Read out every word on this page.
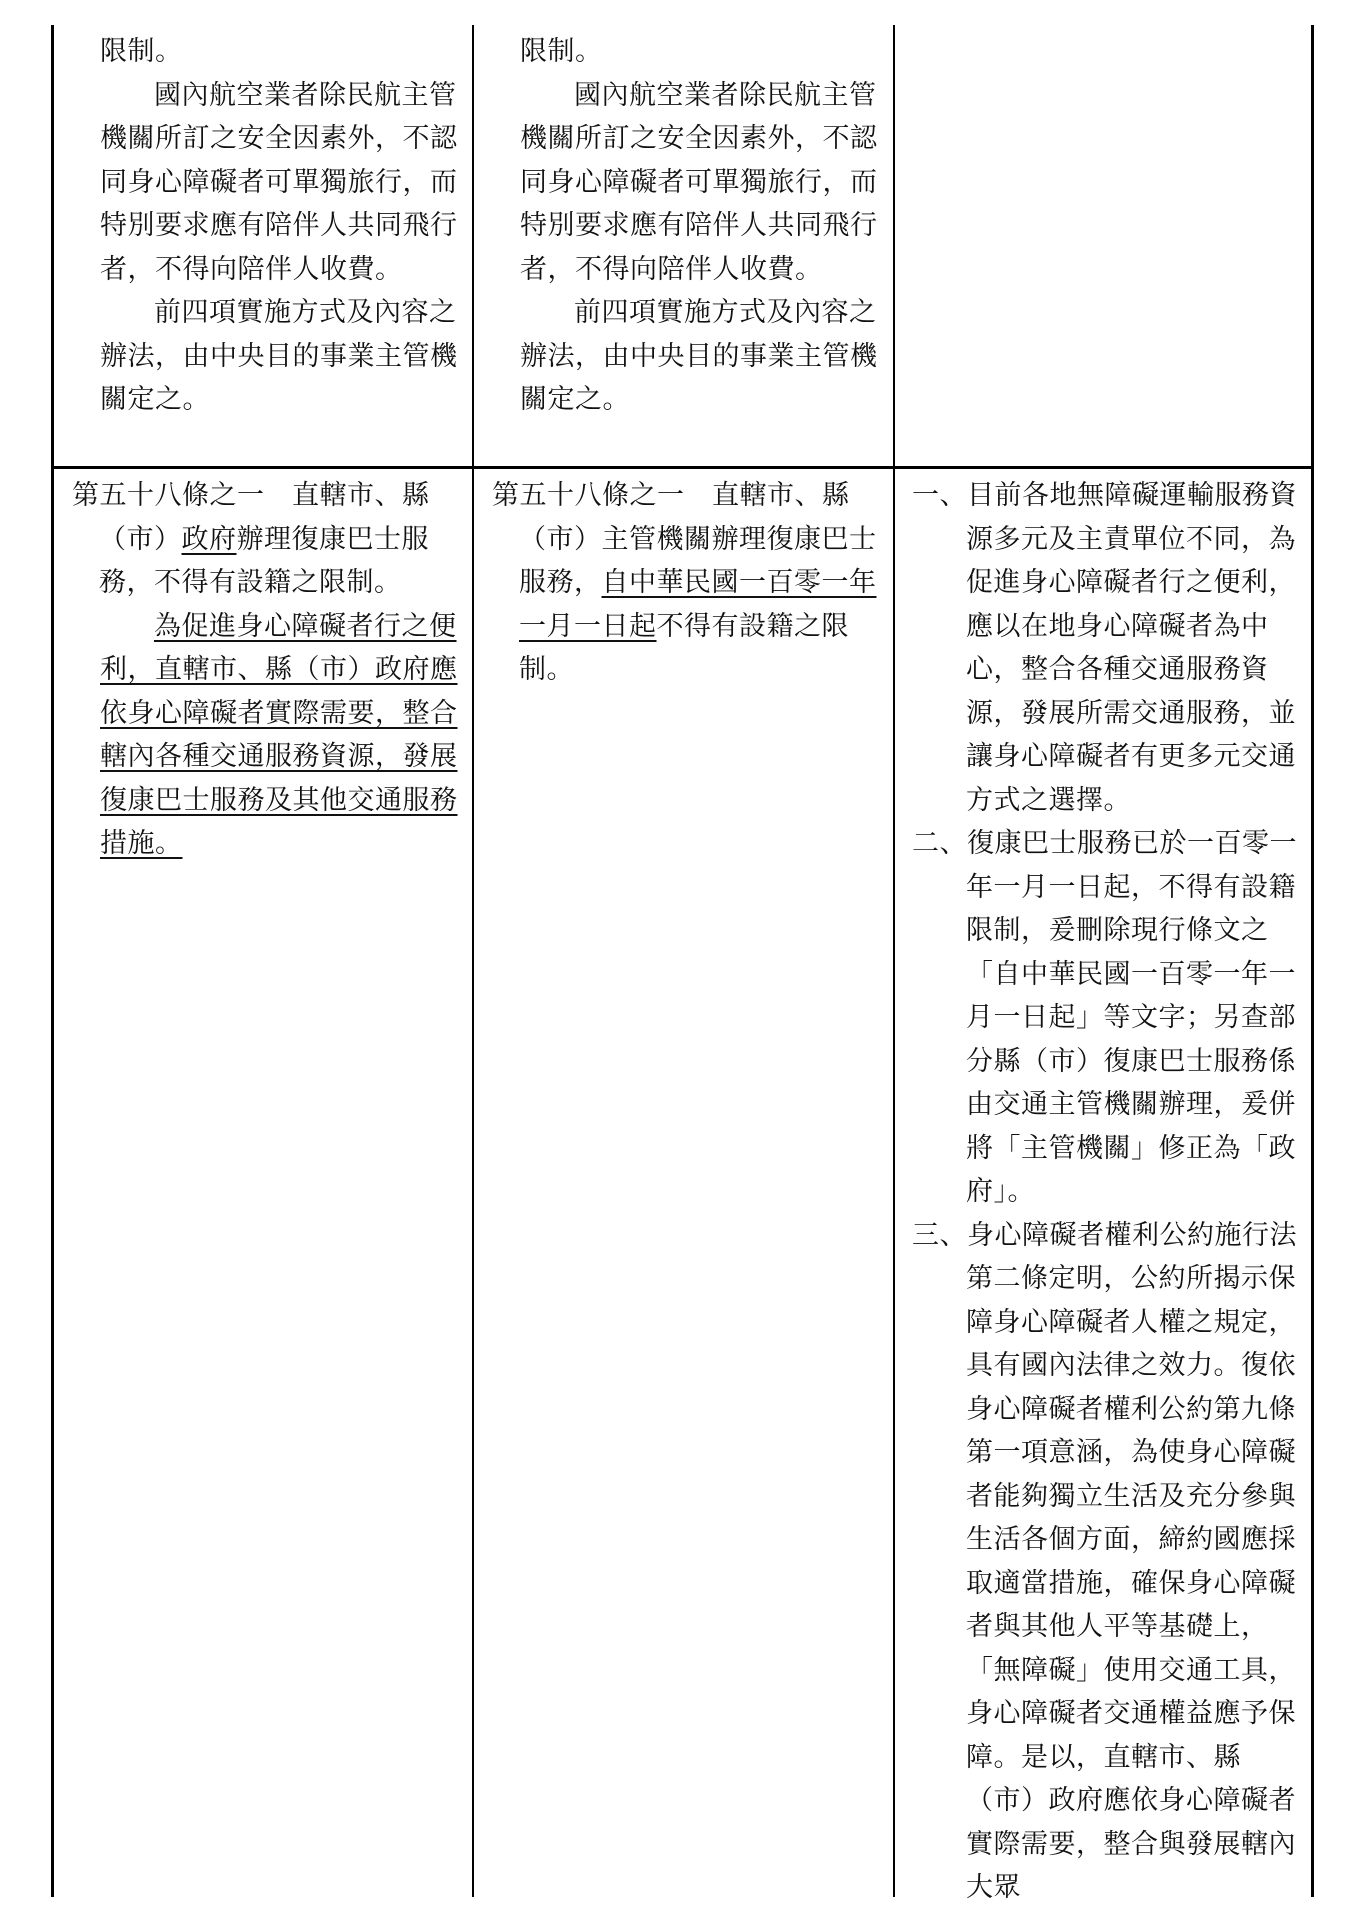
限制。

國內航空業者除民航主管機關所訂之安全因素外，不認同身心障礙者可單獨旅行，而特別要求應有陪伴人共同飛行者，不得向陪伴人收費。

前四項實施方式及內容之辦法，由中央目的事業主管機關定之。

限制。

國內航空業者除民航主管機關所訂之安全因素外，不認同身心障礙者可單獨旅行，而特別要求應有陪伴人共同飛行者，不得向陪伴人收費。

前四項實施方式及內容之辦法，由中央目的事業主管機關定之。

第五十八條之一　直轄市、縣（市）政府辦理復康巴士服務，不得有設籍之限制。

為促進身心障礙者行之便利，直轄市、縣（市）政府應依身心障礙者實際需要，整合轄內各種交通服務資源，發展復康巴士服務及其他交通服務措施。

第五十八條之一　直轄市、縣（市）主管機關辦理復康巴士服務，自中華民國一百零一年一月一日起不得有設籍之限制。

一、目前各地無障礙運輸服務資源多元及主責單位不同，為促進身心障礙者行之便利，應以在地身心障礙者為中心，整合各種交通服務資源，發展所需交通服務，並讓身心障礙者有更多元交通方式之選擇。

二、復康巴士服務已於一百零一年一月一日起，不得有設籍限制，爰刪除現行條文之「自中華民國一百零一年一月一日起」等文字；另查部分縣（市）復康巴士服務係由交通主管機關辦理，爰併將「主管機關」修正為「政府」。

三、身心障礙者權利公約施行法第二條定明，公約所揭示保障身心障礙者人權之規定，具有國內法律之效力。復依身心障礙者權利公約第九條第一項意涵，為使身心障礙者能夠獨立生活及充分參與生活各個方面，締約國應採取適當措施，確保身心障礙者與其他人平等基礎上，「無障礙」使用交通工具，身心障礙者交通權益應予保障。是以，直轄市、縣（市）政府應依身心障礙者實際需要，整合與發展轄內大眾
